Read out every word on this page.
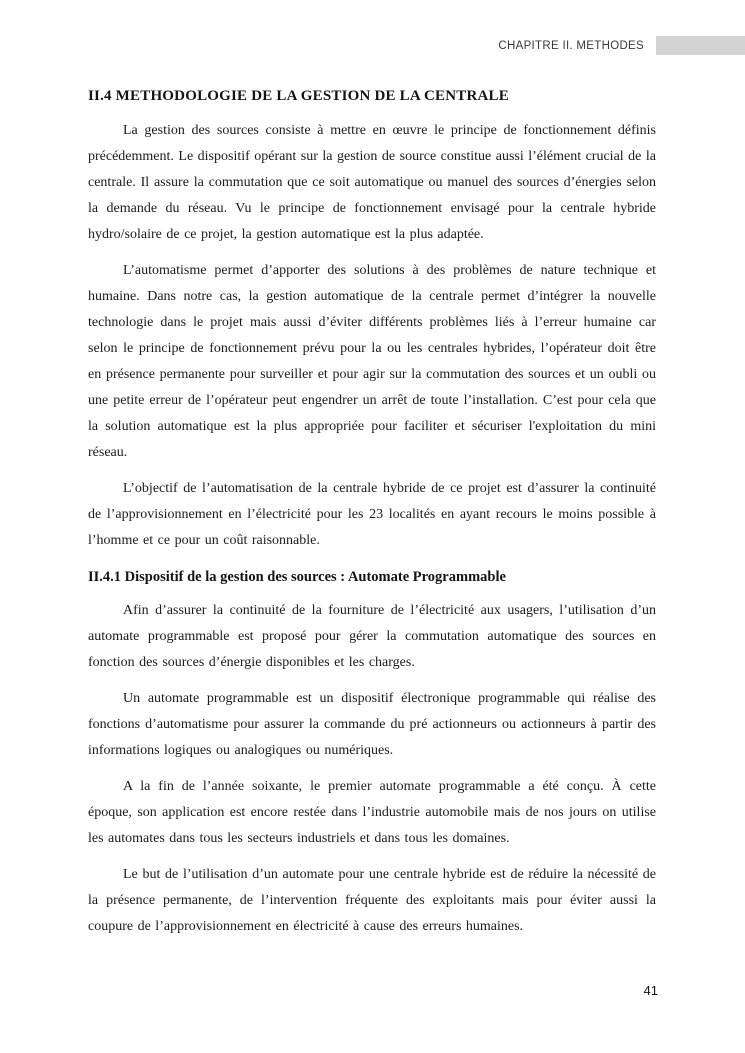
CHAPITRE II. METHODES
II.4 METHODOLOGIE DE LA GESTION DE LA CENTRALE

La gestion des sources consiste à mettre en œuvre le principe de fonctionnement définis précédemment. Le dispositif opérant sur la gestion de source constitue aussi l’élément crucial de la centrale. Il assure la commutation que ce soit automatique ou manuel des sources d’énergies selon la demande du réseau. Vu le principe de fonctionnement envisagé pour la centrale hybride hydro/solaire de ce projet, la gestion automatique est la plus adaptée.

L’automatisme permet d’apporter des solutions à des problèmes de nature technique et humaine. Dans notre cas, la gestion automatique de la centrale permet d’intégrer la nouvelle technologie dans le projet mais aussi d’éviter différents problèmes liés à l’erreur humaine car selon le principe de fonctionnement prévu pour la ou les centrales hybrides, l’opérateur doit être en présence permanente pour surveiller et pour agir sur la commutation des sources et un oubli ou une petite erreur de l’opérateur peut engendrer un arrêt de toute l’installation. C’est pour cela que la solution automatique est la plus appropriée pour faciliter et sécuriser l'exploitation du mini réseau.

L’objectif de l’automatisation de la centrale hybride de ce projet est d’assurer la continuité de l’approvisionnement en l’électricité pour les 23 localités en ayant recours le moins possible à l’homme et ce pour un coût raisonnable.

II.4.1 Dispositif de la gestion des sources : Automate Programmable

Afin d’assurer la continuité de la fourniture de l’électricité aux usagers, l’utilisation d’un automate programmable est proposé pour gérer la commutation automatique des sources en fonction des sources d’énergie disponibles et les charges.

Un automate programmable est un dispositif électronique programmable qui réalise des fonctions d’automatisme pour assurer la commande du pré actionneurs ou actionneurs à partir des informations logiques ou analogiques ou numériques.

A la fin de l’année soixante, le premier automate programmable a été conçu. À cette époque, son application est encore restée dans l’industrie automobile mais de nos jours on utilise les automates dans tous les secteurs industriels et dans tous les domaines.

Le but de l’utilisation d’un automate pour une centrale hybride est de réduire la nécessité de la présence permanente, de l’intervention fréquente des exploitants mais pour éviter aussi la coupure de l’approvisionnement en électricité à cause des erreurs humaines.

41
